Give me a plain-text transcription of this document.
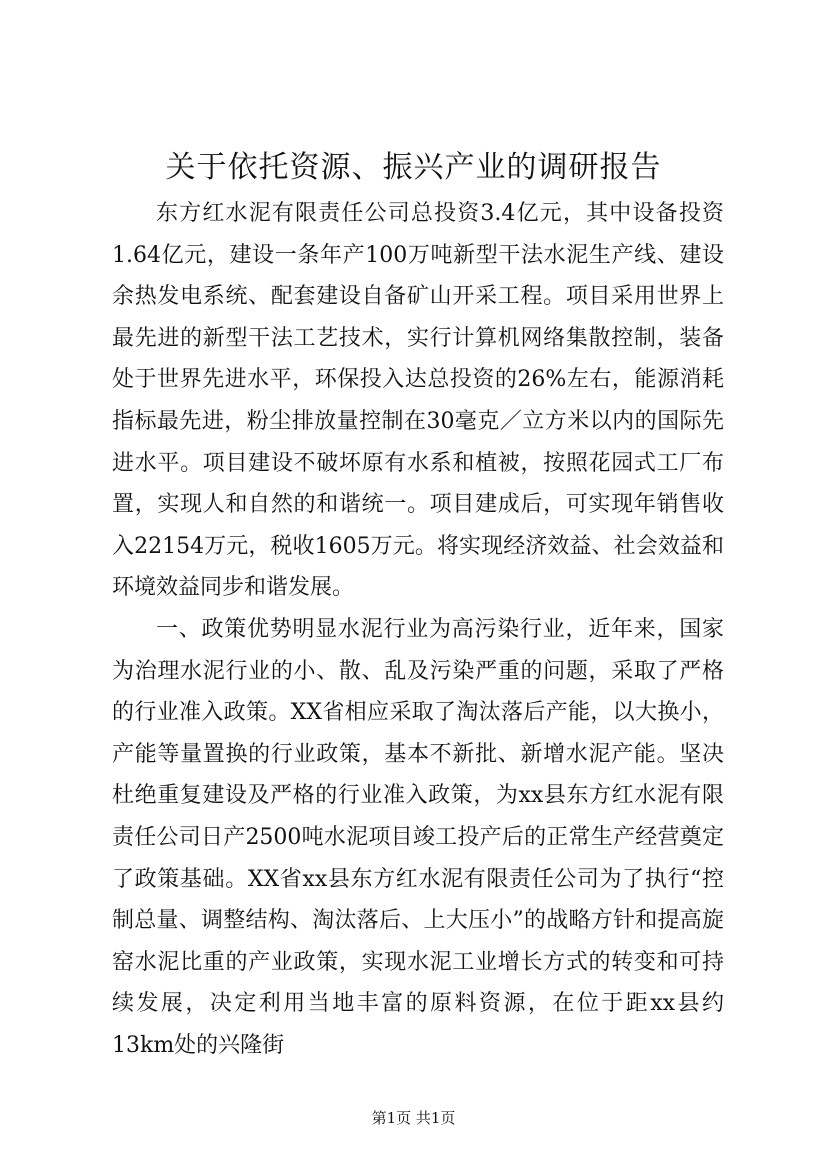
关于依托资源、振兴产业的调研报告

东方红水泥有限责任公司总投资3.4亿元，其中设备投资1.64亿元，建设一条年产100万吨新型干法水泥生产线、建设余热发电系统、配套建设自备矿山开采工程。项目采用世界上最先进的新型干法工艺技术，实行计算机网络集散控制，装备处于世界先进水平，环保投入达总投资的26%左右，能源消耗指标最先进，粉尘排放量控制在30毫克／立方米以内的国际先进水平。项目建设不破坏原有水系和植被，按照花园式工厂布置，实现人和自然的和谐统一。项目建成后，可实现年销售收入22154万元，税收1605万元。将实现经济效益、社会效益和环境效益同步和谐发展。

一、政策优势明显水泥行业为高污染行业，近年来，国家为治理水泥行业的小、散、乱及污染严重的问题，采取了严格的行业准入政策。XX省相应采取了淘汰落后产能，以大换小，产能等量置换的行业政策，基本不新批、新增水泥产能。坚决杜绝重复建设及严格的行业准入政策，为xx县东方红水泥有限责任公司日产2500吨水泥项目竣工投产后的正常生产经营奠定了政策基础。XX省xx县东方红水泥有限责任公司为了执行“控制总量、调整结构、淘汰落后、上大压小”的战略方针和提高旋窑水泥比重的产业政策，实现水泥工业增长方式的转变和可持续发展，决定利用当地丰富的原料资源，在位于距xx县约13km处的兴隆街

第1页 共1页
